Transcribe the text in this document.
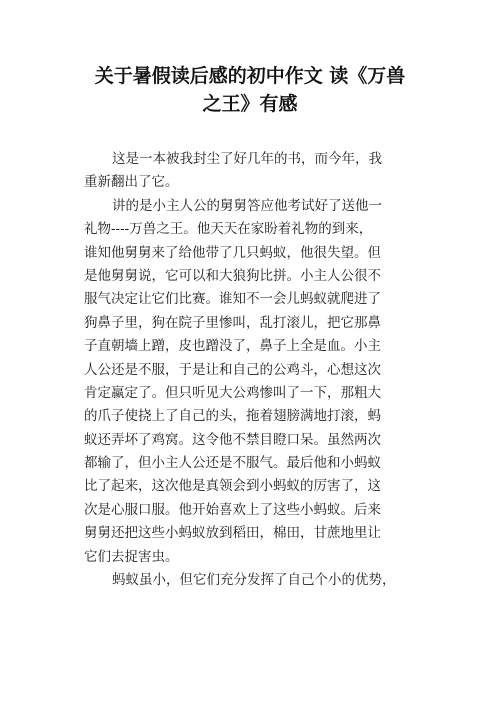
关于暑假读后感的初中作文 读《万兽
之王》有感
这是一本被我封尘了好几年的书，而今年，我
重新翻出了它。
讲的是小主人公的舅舅答应他考试好了送他一
礼物----万兽之王。他天天在家盼着礼物的到来，
谁知他舅舅来了给他带了几只蚂蚁，他很失望。但
是他舅舅说，它可以和大狼狗比拼。小主人公很不
服气决定让它们比赛。谁知不一会儿蚂蚁就爬进了
狗鼻子里，狗在院子里惨叫，乱打滚儿，把它那鼻
子直朝墙上蹭，皮也蹭没了，鼻子上全是血。小主
人公还是不服，于是让和自己的公鸡斗，心想这次
肯定赢定了。但只听见大公鸡惨叫了一下，那粗大
的爪子使挠上了自己的头，拖着翅膀满地打滚，蚂
蚁还弄坏了鸡窝。这令他不禁目瞪口呆。虽然两次
都输了，但小主人公还是不服气。最后他和小蚂蚁
比了起来，这次他是真领会到小蚂蚁的厉害了，这
次是心服口服。他开始喜欢上了这些小蚂蚁。后来
舅舅还把这些小蚂蚁放到稻田，棉田，甘蔗地里让
它们去捉害虫。
蚂蚁虽小，但它们充分发挥了自己个小的优势，
